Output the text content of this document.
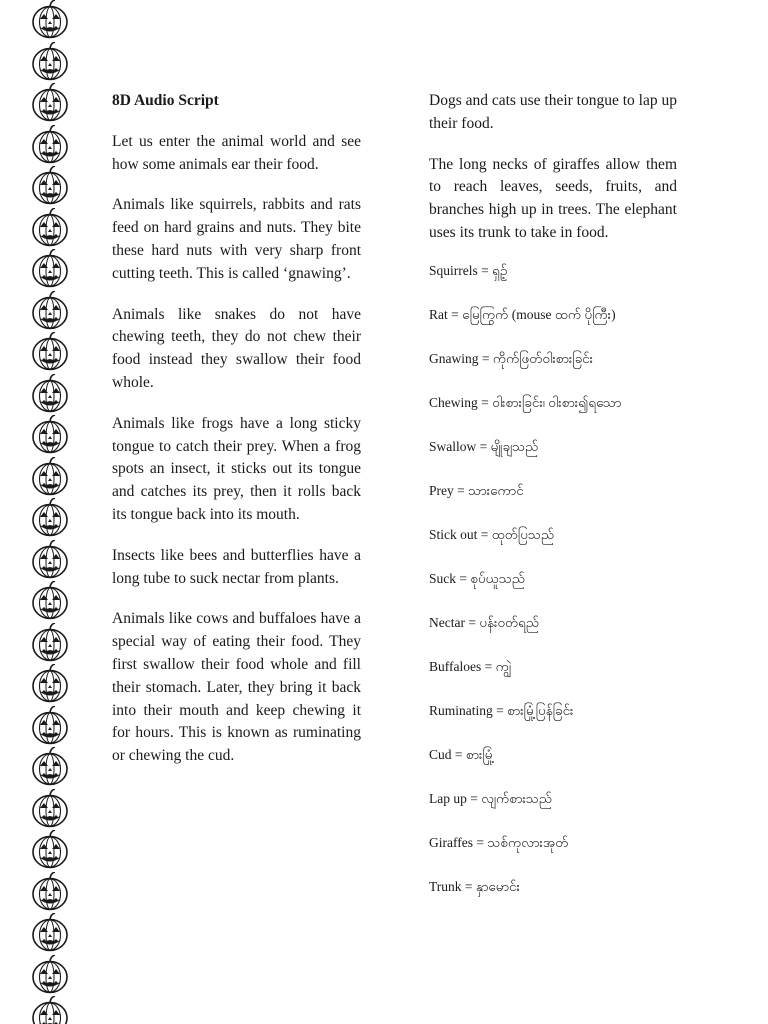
8D Audio Script

Let us enter the animal world and see how some animals ear their food.

Animals like squirrels, rabbits and rats feed on hard grains and nuts. They bite these hard nuts with very sharp front cutting teeth. This is called ‘gnawing’.

Animals like snakes do not have chewing teeth, they do not chew their food instead they swallow their food whole.

Animals like frogs have a long sticky tongue to catch their prey. When a frog spots an insect, it sticks out its tongue and catches its prey, then it rolls back its tongue back into its mouth.

Insects like bees and butterflies have a long tube to suck nectar from plants.

Animals like cows and buffaloes have a special way of eating their food. They first swallow their food whole and fill their stomach. Later, they bring it back into their mouth and keep chewing it for hours. This is known as ruminating or chewing the cud.

Dogs and cats use their tongue to lap up their food.

The long necks of giraffes allow them to reach leaves, seeds, fruits, and branches high up in trees. The elephant uses its trunk to take in food.

Squirrels = ရှဉ့်
Rat = မြေကြွက် (mouse ထက် ပိုကြီး)
Gnawing = ကိုက်ဖြတ်ဝါးစားခြင်း
Chewing = ဝါးစားခြင်း၊ ဝါးစား၍ရသော
Swallow = မျိုချသည်
Prey = သားကောင်
Stick out = ထုတ်ပြသည်
Suck = စုပ်ယူသည်
Nectar = ပန်းဝတ်ရည်
Buffaloes = ကျွဲ
Ruminating = စားမြုံ့ပြန်ခြင်း
Cud = စားမြုံ့
Lap up = လျက်စားသည်
Giraffes = သစ်ကုလားအုတ်
Trunk = နှာမောင်း
